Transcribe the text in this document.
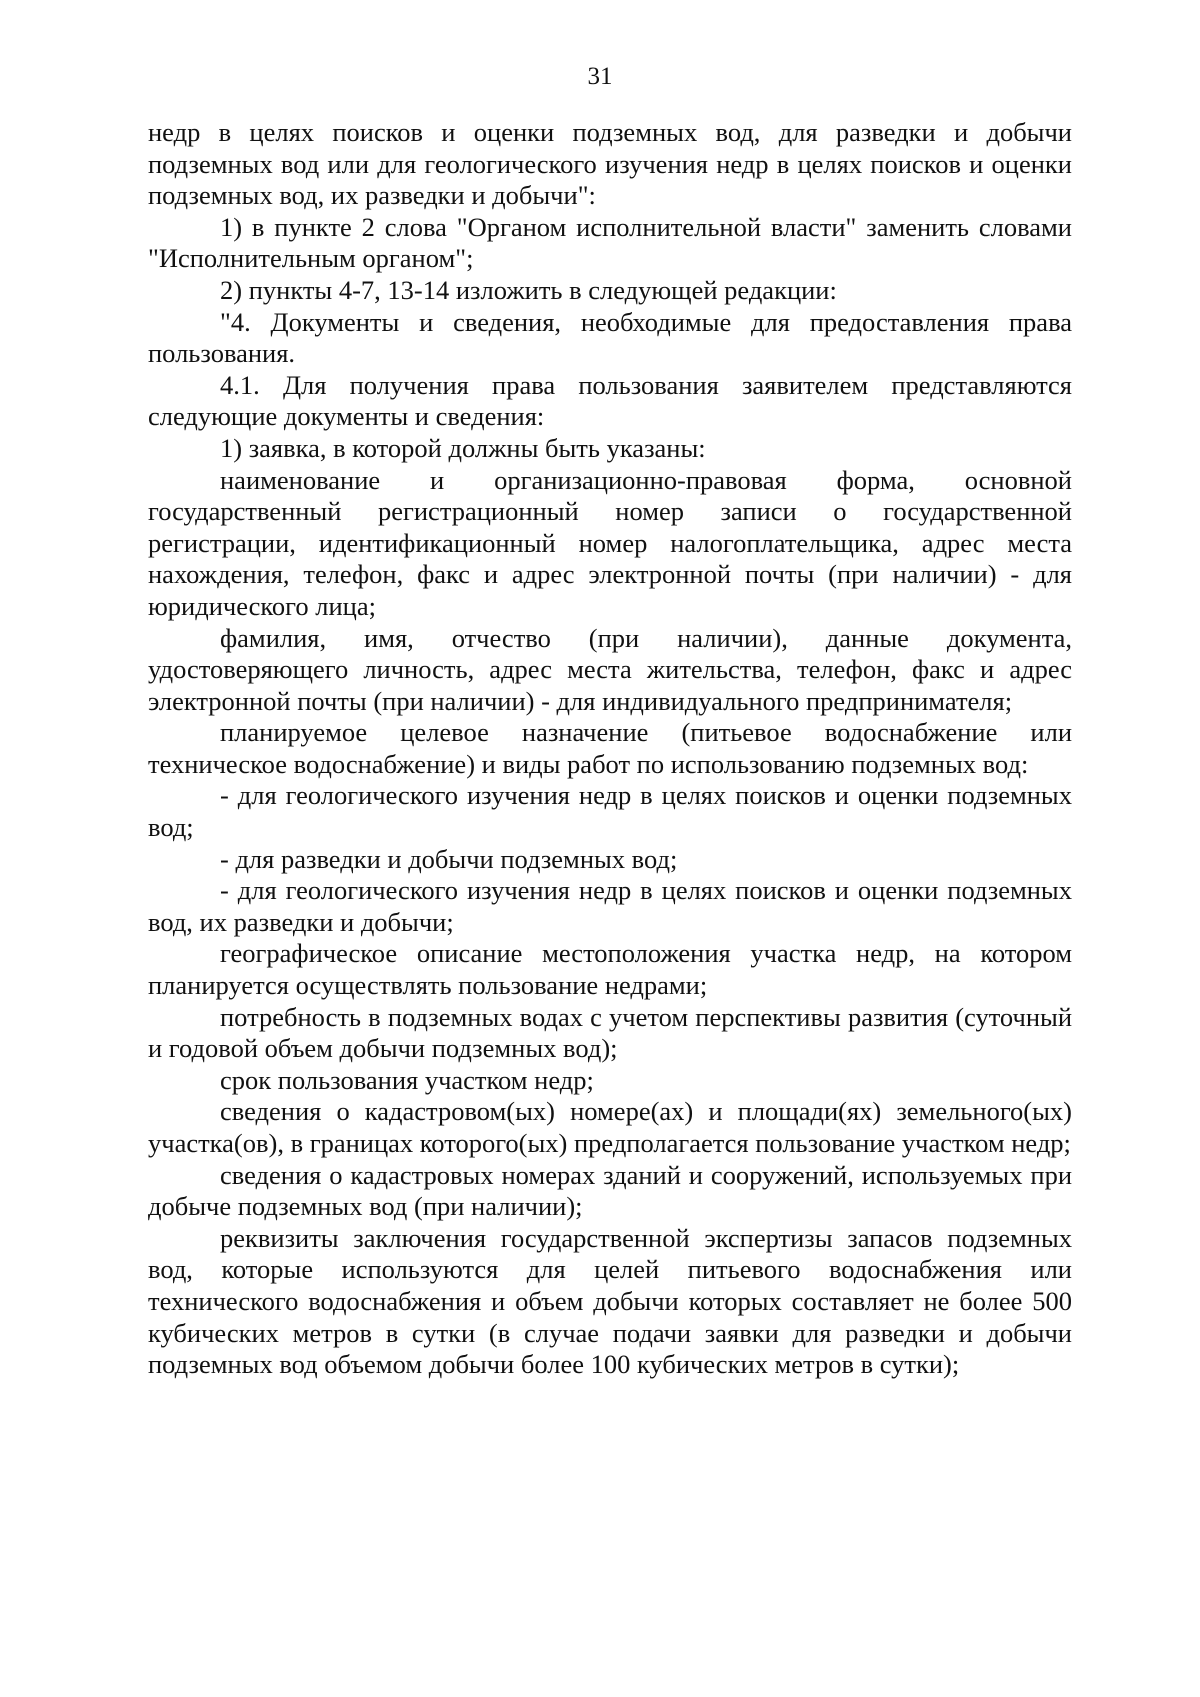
31

недр в целях поисков и оценки подземных вод, для разведки и добычи подземных вод или для геологического изучения недр в целях поисков и оценки подземных вод, их разведки и добычи":

1) в пункте 2 слова "Органом исполнительной власти" заменить словами "Исполнительным органом";

2) пункты 4-7, 13-14 изложить в следующей редакции:

"4. Документы и сведения, необходимые для предоставления права пользования.

4.1. Для получения права пользования заявителем представляются следующие документы и сведения:

1) заявка, в которой должны быть указаны:

наименование и организационно-правовая форма, основной государственный регистрационный номер записи о государственной регистрации, идентификационный номер налогоплательщика, адрес места нахождения, телефон, факс и адрес электронной почты (при наличии) - для юридического лица;

фамилия, имя, отчество (при наличии), данные документа, удостоверяющего личность, адрес места жительства, телефон, факс и адрес электронной почты (при наличии) - для индивидуального предпринимателя;

планируемое целевое назначение (питьевое водоснабжение или техническое водоснабжение) и виды работ по использованию подземных вод:

- для геологического изучения недр в целях поисков и оценки подземных вод;

- для разведки и добычи подземных вод;

- для геологического изучения недр в целях поисков и оценки подземных вод, их разведки и добычи;

географическое описание местоположения участка недр, на котором планируется осуществлять пользование недрами;

потребность в подземных водах с учетом перспективы развития (суточный и годовой объем добычи подземных вод);

срок пользования участком недр;

сведения о кадастровом(ых) номере(ах) и площади(ях) земельного(ых) участка(ов), в границах которого(ых) предполагается пользование участком недр;

сведения о кадастровых номерах зданий и сооружений, используемых при добыче подземных вод (при наличии);

реквизиты заключения государственной экспертизы запасов подземных вод, которые используются для целей питьевого водоснабжения или технического водоснабжения и объем добычи которых составляет не более 500 кубических метров в сутки (в случае подачи заявки для разведки и добычи подземных вод объемом добычи более 100 кубических метров в сутки);
